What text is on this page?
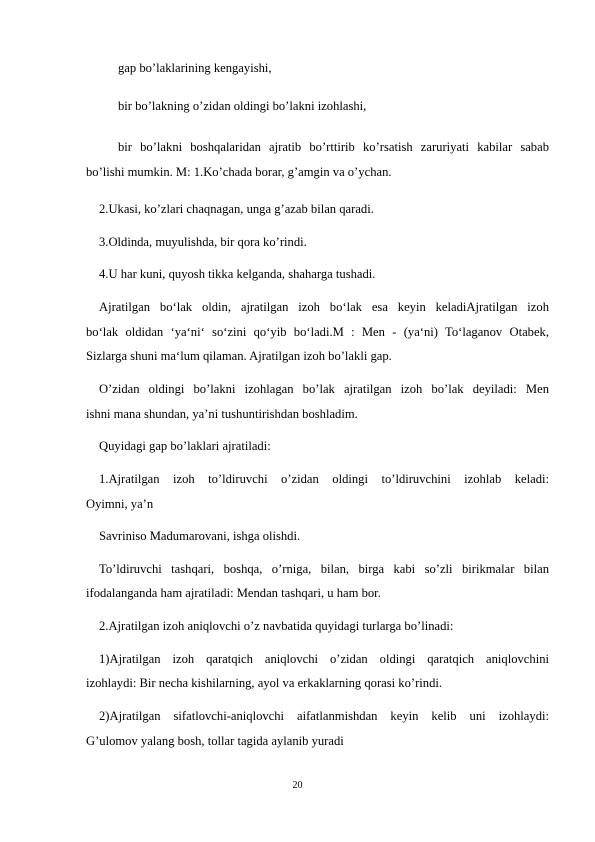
gap bo’laklarining kengayishi,
bir bo’lakning o’zidan oldingi bo’lakni izohlashi,
bir bo’lakni boshqalaridan ajratib bo’rttirib ko’rsatish zaruriyati kabilar sabab
bo’lishi mumkin. M: 1.Ko’chada borar, g’amgin va o’ychan.
2.Ukasi, ko’zlari chaqnagan, unga g’azab bilan qaradi.
3.Oldinda, muyulishda, bir qora ko’rindi.
4.U har kuni, quyosh tikka kelganda, shaharga tushadi.
Ajratilgan bo‘lak oldin, ajratilgan izoh bo‘lak esa keyin keladiAjratilgan izoh
bo‘lak oldidan ‘ya‘ni‘ so‘zini qo‘yib bo‘ladi.M : Men - (ya‘ni) To‘laganov Otabek,
Sizlarga shuni ma‘lum qilaman. Ajratilgan izoh bo’lakli gap.
O’zidan oldingi bo’lakni izohlagan bo’lak ajratilgan izoh bo’lak deyiladi: Men
ishni mana shundan, ya’ni tushuntirishdan boshladim.
Quyidagi gap bo’laklari ajratiladi:
1.Ajratilgan izoh to’ldiruvchi o’zidan oldingi to’ldiruvchini izohlab keladi:
Oyimni, ya’n
Savriniso Madumarovani, ishga olishdi.
To’ldiruvchi tashqari, boshqa, o’rniga, bilan, birga kabi so’zli birikmalar bilan
ifodalanganda ham ajratiladi: Mendan tashqari, u ham bor.
2.Ajratilgan izoh aniqlovchi o’z navbatida quyidagi turlarga bo’linadi:
1)Ajratilgan izoh qaratqich aniqlovchi o’zidan oldingi qaratqich aniqlovchini
izohlaydi: Bir necha kishilarning, ayol va erkaklarning qorasi ko’rindi.
2)Ajratilgan sifatlovchi-aniqlovchi aifatlanmishdan keyin kelib uni izohlaydi:
G’ulomov yalang bosh, tollar tagida aylanib yuradi
20
